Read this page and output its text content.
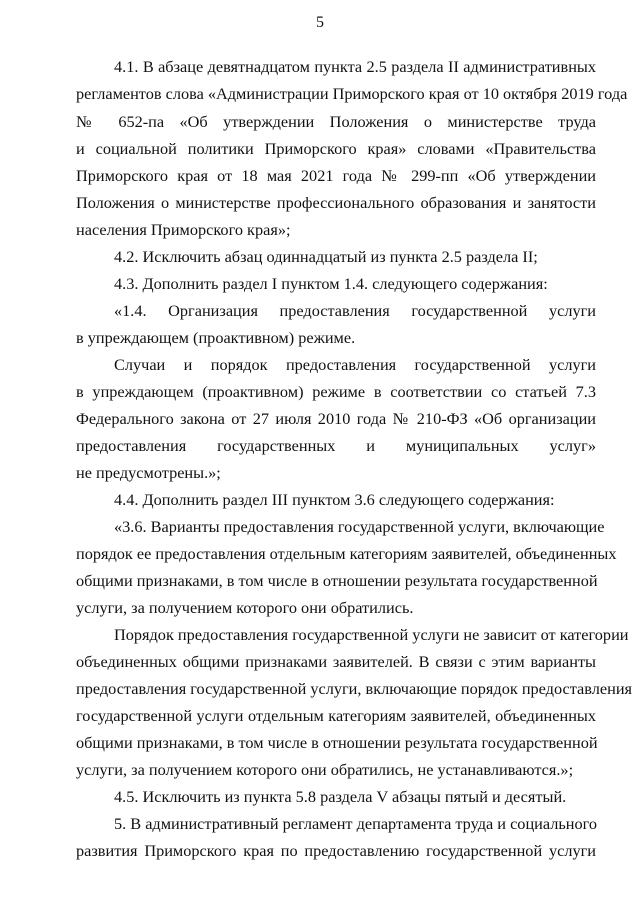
5
4.1. В абзаце девятнадцатом пункта 2.5 раздела II административных
регламентов слова «Администрации Приморского края от 10 октября 2019 года
№ 652-па «Об утверждении Положения о министерстве труда
и социальной политики Приморского края» словами «Правительства
Приморского края от 18 мая 2021 года № 299-пп «Об утверждении
Положения о министерстве профессионального образования и занятости
населения Приморского края»;
4.2. Исключить абзац одиннадцатый из пункта 2.5 раздела II;
4.3. Дополнить раздел I пунктом 1.4. следующего содержания:
«1.4. Организация предоставления государственной услуги
в упреждающем (проактивном) режиме.
Случаи и порядок предоставления государственной услуги
в упреждающем (проактивном) режиме в соответствии со статьей 7.3
Федерального закона от 27 июля 2010 года № 210-ФЗ «Об организации
предоставления государственных и муниципальных услуг»
не предусмотрены.»;
4.4. Дополнить раздел III пунктом 3.6 следующего содержания:
«3.6. Варианты предоставления государственной услуги, включающие
порядок ее предоставления отдельным категориям заявителей, объединенных
общими признаками, в том числе в отношении результата государственной
услуги, за получением которого они обратились.
Порядок предоставления государственной услуги не зависит от категории
объединенных общими признаками заявителей. В связи с этим варианты
предоставления государственной услуги, включающие порядок предоставления
государственной услуги отдельным категориям заявителей, объединенных
общими признаками, в том числе в отношении результата государственной
услуги, за получением которого они обратились, не устанавливаются.»;
4.5. Исключить из пункта 5.8 раздела V абзацы пятый и десятый.
5. В административный регламент департамента труда и социального
развития Приморского края по предоставлению государственной услуги
